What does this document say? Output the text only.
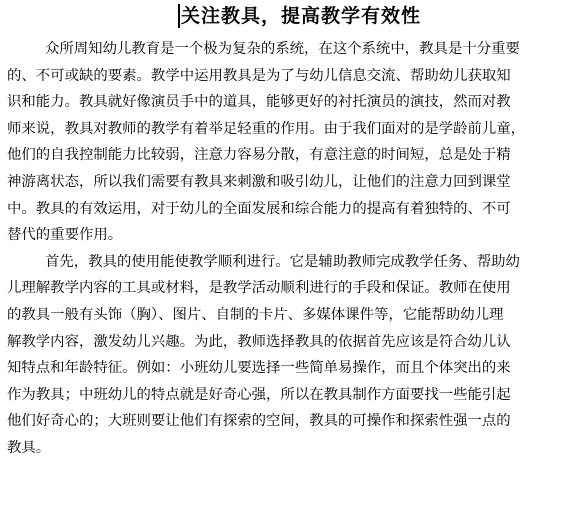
关注教具，提高教学有效性
众所周知幼儿教育是一个极为复杂的系统，在这个系统中，教具是十分重要
的、不可或缺的要素。教学中运用教具是为了与幼儿信息交流、帮助幼儿获取知
识和能力。教具就好像演员手中的道具，能够更好的衬托演员的演技，然而对教
师来说，教具对教师的教学有着举足轻重的作用。由于我们面对的是学龄前儿童，
他们的自我控制能力比较弱，注意力容易分散，有意注意的时间短，总是处于精
神游离状态，所以我们需要有教具来刺激和吸引幼儿，让他们的注意力回到课堂
中。教具的有效运用，对于幼儿的全面发展和综合能力的提高有着独特的、不可
替代的重要作用。
首先，教具的使用能使教学顺利进行。它是辅助教师完成教学任务、帮助幼
儿理解教学内容的工具或材料，是教学活动顺利进行的手段和保证。教师在使用
的教具一般有头饰（胸）、图片、自制的卡片、多媒体课件等，它能帮助幼儿理
解教学内容，激发幼儿兴趣。为此，教师选择教具的依据首先应该是符合幼儿认
知特点和年龄特征。例如：小班幼儿要选择一些简单易操作，而且个体突出的来
作为教具；中班幼儿的特点就是好奇心强，所以在教具制作方面要找一些能引起
他们好奇心的；大班则要让他们有探索的空间，教具的可操作和探索性强一点的
教具。
